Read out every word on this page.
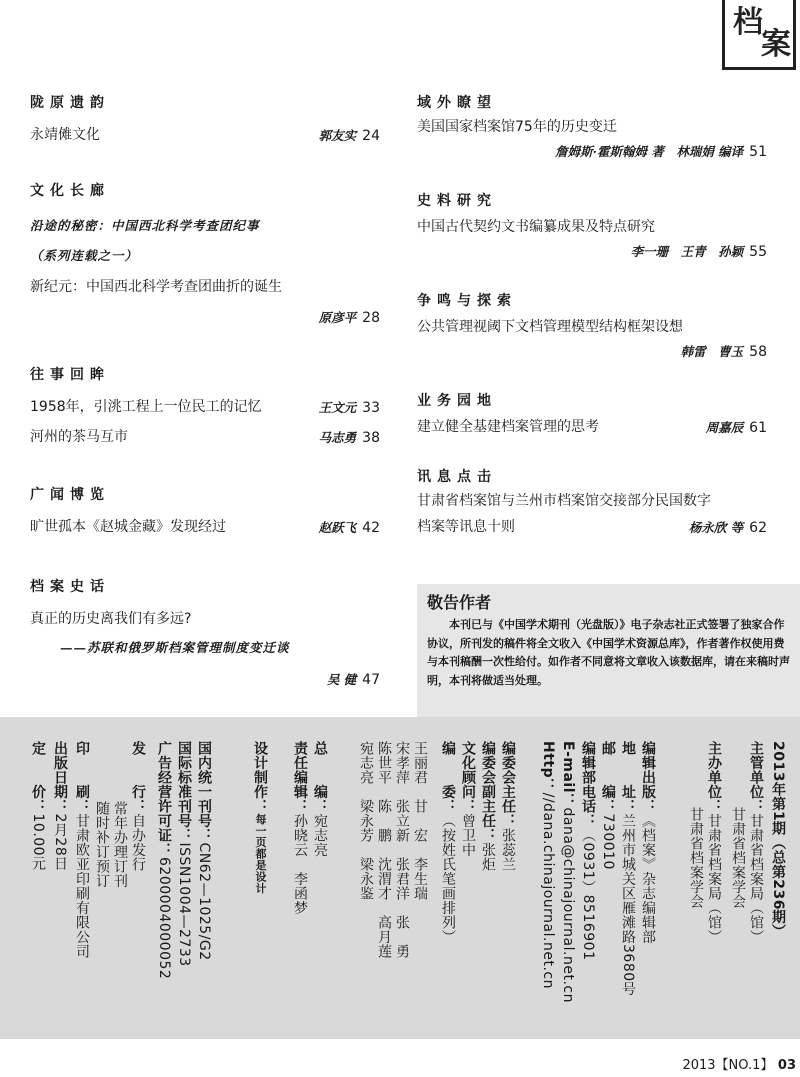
档
案
陇原遗韵
永靖傩文化	郭友实 24
文化长廊
沿途的秘密：中国西北科学考查团纪事
（系列连载之一）
新纪元：中国西北科学考查团曲折的诞生
原彦平 28
往事回眸
1958年，引洮工程上一位民工的记忆	王文元 33
河州的茶马互市	马志勇 38
广闻博览
旷世孤本《赵城金藏》发现经过	赵跃飞 42
档案史话
真正的历史离我们有多远?
——苏联和俄罗斯档案管理制度变迁谈
吴 健 47
域外瞭望
美国国家档案馆75年的历史变迁
詹姆斯·霍斯翰姆 著　林瑞娟 编译 51
史料研究
中国古代契约文书编纂成果及特点研究
李一珊　王青　孙颖 55
争鸣与探索
公共管理视阈下文档管理模型结构框架设想
韩雷　曹玉 58
业务园地
建立健全基建档案管理的思考	周嘉辰 61
讯息点击
甘肃省档案馆与兰州市档案馆交接部分民国数字
档案等讯息十则	杨永欣 等 62
敬告作者
本刊已与《中国学术期刊（光盘版）》电子杂志社正式签署了独家合作协议，所刊发的稿件将全文收入《中国学术资源总库》，作者著作权使用费与本刊稿酬一次性给付。如作者不同意将文章收入该数据库，请在来稿时声明，本刊将做适当处理。
2013年第1期（总第236期）
主管单位：甘肃省档案局（馆）
甘肃省档案学会
主办单位：甘肃省档案局（馆）
甘肃省档案学会
编辑出版：《档案》杂志编辑部
地　　址：兰州市城关区雁滩路3680号
邮　　编：730010
编辑部电话：（0931）8516901
E-mail：dana@chinajournal.net.cn
Http：//dana.chinajournal.net.cn
编委会主任：张蕊兰
编委会副主任：张炬
文化顾问：曾卫中
编　　委：（按姓氏笔画排列）
王丽君　甘　宏　李生瑞
宋孝萍　张立新　张君洋　张　勇
陈世平　陈　鹏　沈渭才　高月莲
宛志亮　梁永芳　梁永鉴
总　　编：宛志亮
责任编辑：孙晓云　李函梦
设计制作：每一页都是设计
国内统一刊号：CN62—1025/G2
国际标准刊号：ISSN1004—2733
广告经营许可证：6200004000052
发　　行：自办发行
常年办理订刊
随时补订预订
印　　刷：甘肃欧亚印刷有限公司
出版日期：2月28日
定　　价：10.00元
2013【NO.1】 03
